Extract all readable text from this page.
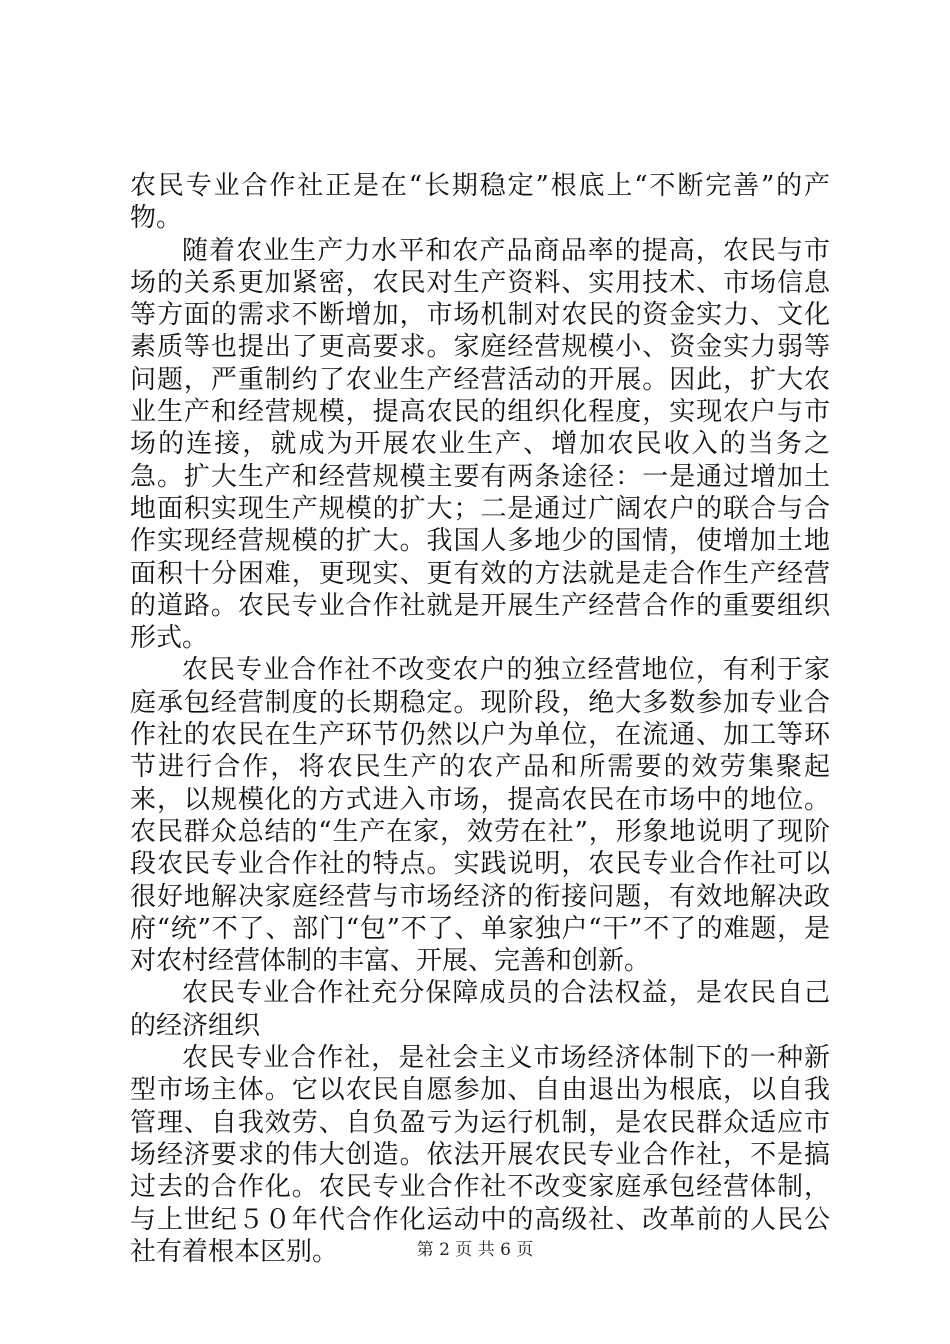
农民专业合作社正是在“长期稳定”根底上“不断完善”的产物。

随着农业生产力水平和农产品商品率的提高，农民与市场的关系更加紧密，农民对生产资料、实用技术、市场信息等方面的需求不断增加，市场机制对农民的资金实力、文化素质等也提出了更高要求。家庭经营规模小、资金实力弱等问题，严重制约了农业生产经营活动的开展。因此，扩大农业生产和经营规模，提高农民的组织化程度，实现农户与市场的连接，就成为开展农业生产、增加农民收入的当务之急。扩大生产和经营规模主要有两条途径：一是通过增加土地面积实现生产规模的扩大；二是通过广阔农户的联合与合作实现经营规模的扩大。我国人多地少的国情，使增加土地面积十分困难，更现实、更有效的方法就是走合作生产经营的道路。农民专业合作社就是开展生产经营合作的重要组织形式。

农民专业合作社不改变农户的独立经营地位，有利于家庭承包经营制度的长期稳定。现阶段，绝大多数参加专业合作社的农民在生产环节仍然以户为单位，在流通、加工等环节进行合作，将农民生产的农产品和所需要的效劳集聚起来，以规模化的方式进入市场，提高农民在市场中的地位。农民群众总结的“生产在家，效劳在社”，形象地说明了现阶段农民专业合作社的特点。实践说明，农民专业合作社可以很好地解决家庭经营与市场经济的衔接问题，有效地解决政府“统”不了、部门“包”不了、单家独户“干”不了的难题，是对农村经营体制的丰富、开展、完善和创新。

农民专业合作社充分保障成员的合法权益，是农民自己的经济组织

农民专业合作社，是社会主义市场经济体制下的一种新型市场主体。它以农民自愿参加、自由退出为根底，以自我管理、自我效劳、自负盈亏为运行机制，是农民群众适应市场经济要求的伟大创造。依法开展农民专业合作社，不是搞过去的合作化。农民专业合作社不改变家庭承包经营体制，与上世纪５０年代合作化运动中的高级社、改革前的人民公社有着根本区别。	第 2 页 共 6 页
